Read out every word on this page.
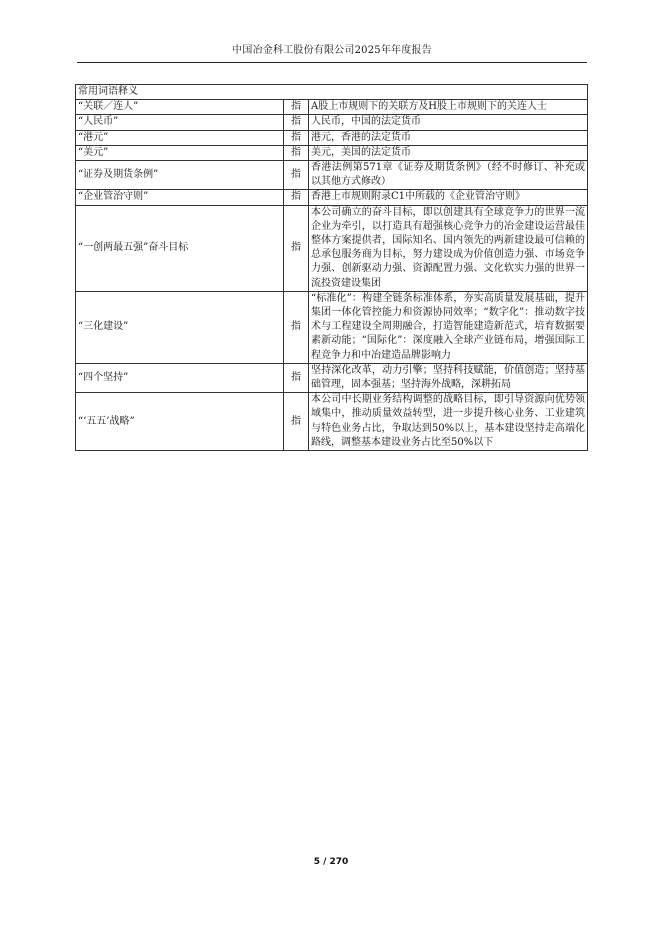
中国冶金科工股份有限公司2025年年度报告
常用词语释义		
“关联／连人”	指	A股上市规则下的关联方及H股上市规则下的关连人士
“人民币”	指	人民币，中国的法定货币
“港元”	指	港元，香港的法定货币
“美元”	指	美元，美国的法定货币
“证券及期货条例”	指	香港法例第571章《证券及期货条例》（经不时修订、补充或以其他方式修改）
“企业管治守则”	指	香港上市规则附录C1中所载的《企业管治守则》
“一创两最五强”奋斗目标	指	本公司确立的奋斗目标，即以创建具有全球竞争力的世界一流企业为牵引，以打造具有超强核心竞争力的冶金建设运营最佳整体方案提供者，国际知名、国内领先的两新建设最可信赖的总承包服务商为目标，努力建设成为价值创造力强、市场竞争力强、创新驱动力强、资源配置力强、文化软实力强的世界一流投资建设集团
“三化建设”	指	“标准化”：构建全链条标准体系，夯实高质量发展基础，提升集团一体化管控能力和资源协同效率；“数字化”：推动数字技术与工程建设全周期融合，打造智能建造新范式，培育数据要素新动能；“国际化”：深度融入全球产业链布局，增强国际工程竞争力和中冶建造品牌影响力
“四个坚持”	指	坚持深化改革，动力引擎；坚持科技赋能，价值创造；坚持基础管理，固本强基；坚持海外战略，深耕拓局
“‘五五’战略”	指	本公司中长期业务结构调整的战略目标，即引导资源向优势领域集中，推动质量效益转型，进一步提升核心业务、工业建筑与特色业务占比，争取达到50%以上，基本建设坚持走高端化路线，调整基本建设业务占比至50%以下
5 / 270
